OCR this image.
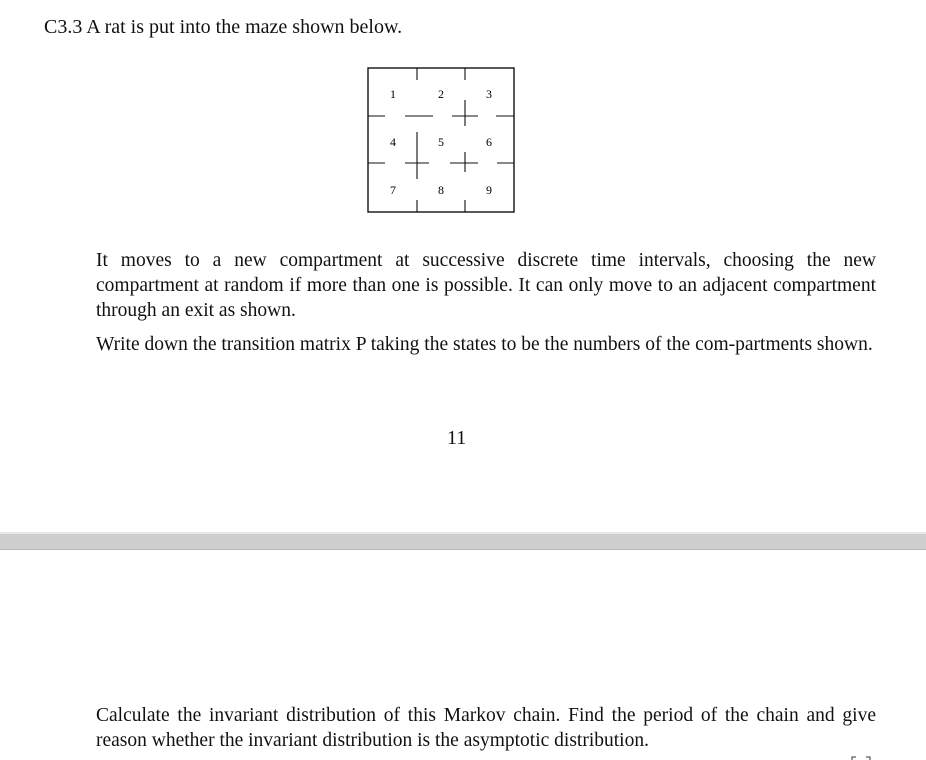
C3.3 A rat is put into the maze shown below.
1	2	3
4	5	6
7	8	9

It moves to a new compartment at successive discrete time intervals, choosing the new compartment at random if more than one is possible. It can only move to an adjacent compartment through an exit as shown.

Write down the transition matrix P taking the states to be the numbers of the com-partments shown.

11

Calculate the invariant distribution of this Markov chain. Find the period of the chain and give reason whether the invariant distribution is the asymptotic distribution.
